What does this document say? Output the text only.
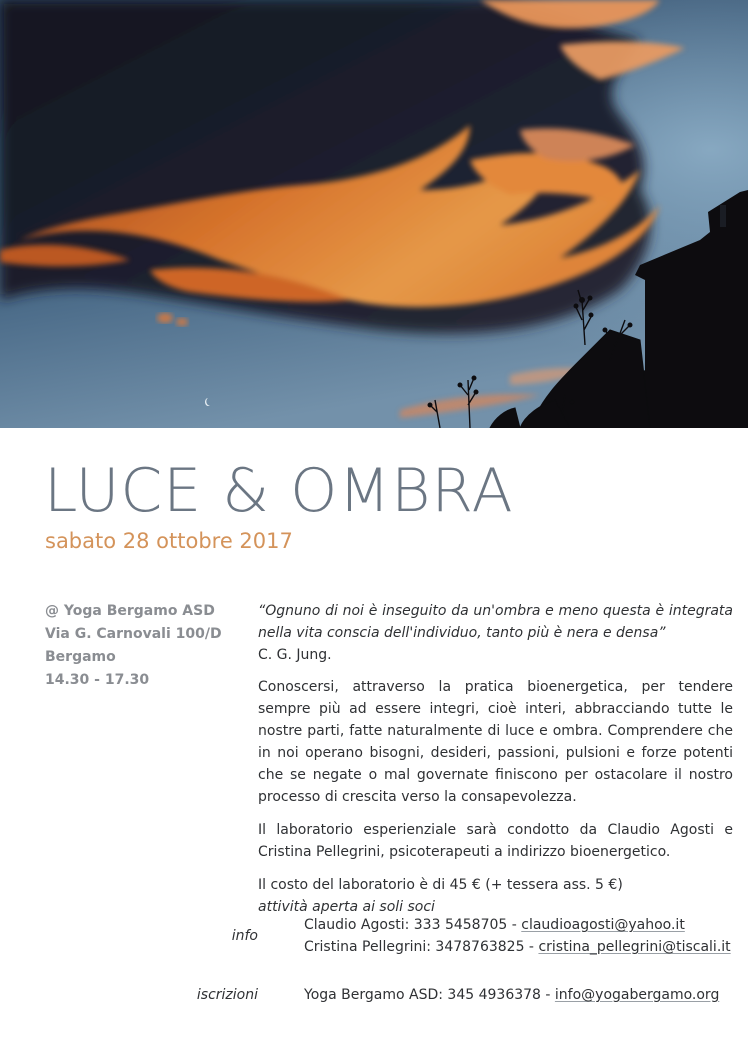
LUCE & OMBRA
sabato 28 ottobre 2017
@ Yoga Bergamo ASD
Via G. Carnovali 100/D
Bergamo
14.30 - 17.30

“Ognuno di noi è inseguito da un'ombra e meno questa è integrata nella vita conscia dell'individuo, tanto più è nera e densa”

C. G. Jung.

Conoscersi, attraverso la pratica bioenergetica, per tendere sempre più ad essere integri, cioè interi, abbracciando tutte le nostre parti, fatte naturalmente di luce e ombra. Comprendere che in noi operano bisogni, desideri, passioni, pulsioni e forze potenti che se negate o mal governate finiscono per ostacolare il nostro processo di crescita verso la consapevolezza.

Il laboratorio esperienziale sarà condotto da Claudio Agosti e Cristina Pellegrini, psicoterapeuti a indirizzo bioenergetico.

Il costo del laboratorio è di 45 € (+ tessera ass. 5 €)

attività aperta ai soli soci

info
Claudio Agosti: 333 5458705 - claudioagosti@yahoo.it
Cristina Pellegrini: 3478763825 - cristina_pellegrini@tiscali.it
iscrizioni	Yoga Bergamo ASD: 345 4936378 - info@yogabergamo.org
